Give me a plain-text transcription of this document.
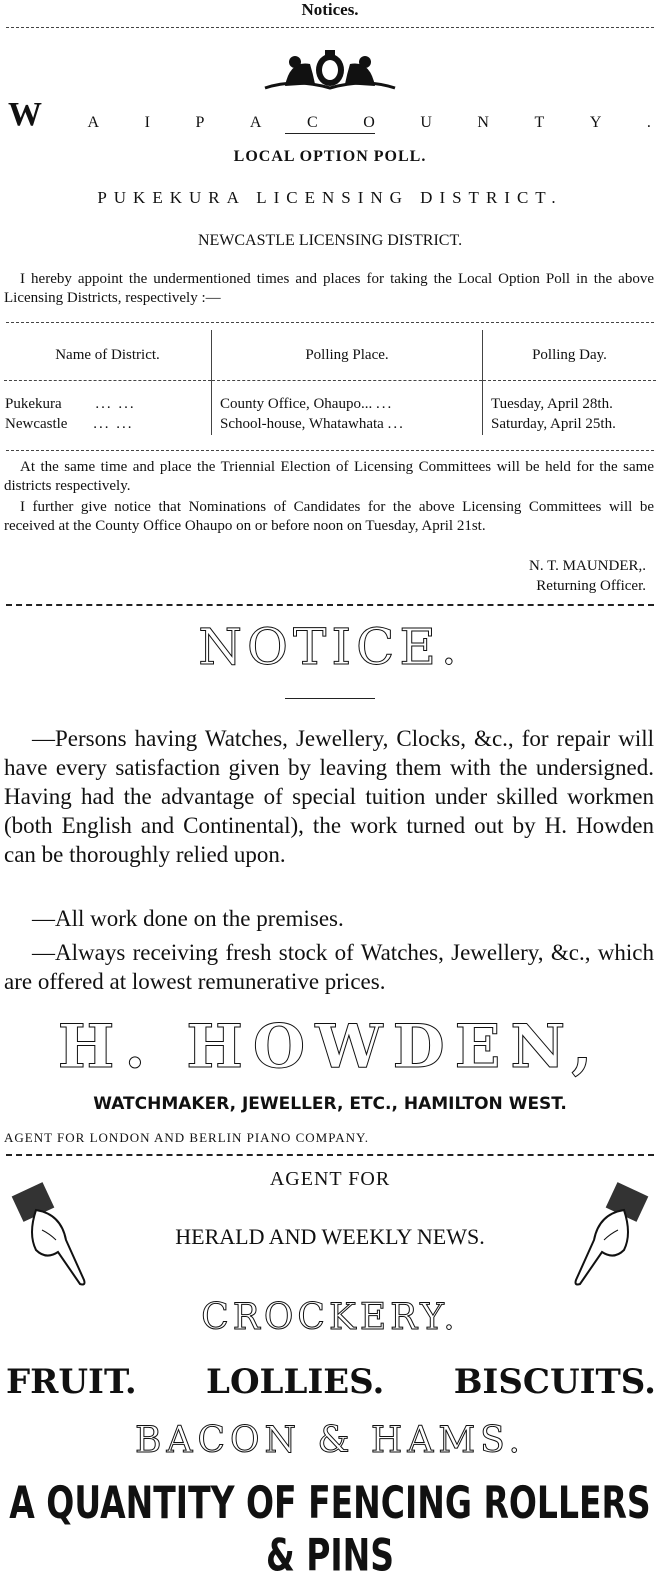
Notices.
W	A	I	P	A	C	O	U	N	T	Y	.
LOCAL OPTION POLL.
PUKEKURA LICENSING DISTRICT.
NEWCASTLE LICENSING DISTRICT.
I hereby appoint the undermentioned times and places for taking the Local Option Poll in the above Licensing Districts, respectively :—
Name of District.	Polling Place.	Polling Day.
Pukekura ... ...	County Office, Ohaupo... ...	Tuesday, April 28th.
Newcastle ... ...	School-house, Whatawhata ...	Saturday, April 25th.
At the same time and place the Triennial Election of Licensing Committees will be held for the same districts respectively.
I further give notice that Nominations of Candidates for the above Licensing Committees will be received at the County Office Ohaupo on or before noon on Tuesday, April 21st.
N. T. MAUNDER,.
Returning Officer.
NOTICE.
—Persons having Watches, Jewellery, Clocks, &c., for repair will have every satisfaction given by leaving them with the undersigned. Having had the advantage of special tuition under skilled workmen (both English and Continental), the work turned out by H. Howden can be thoroughly relied upon.
—All work done on the premises.
—Always receiving fresh stock of Watches, Jewellery, &c., which are offered at lowest remunerative prices.
H. HOWDEN,
WATCHMAKER, JEWELLER, ETC., HAMILTON WEST.
AGENT FOR LONDON AND BERLIN PIANO COMPANY.
AGENT FOR
HERALD AND WEEKLY NEWS.
CROCKERY.
FRUIT. LOLLIES. BISCUITS.
BACON & HAMS.
A QUANTITY OF FENCING ROLLERS & PINS
